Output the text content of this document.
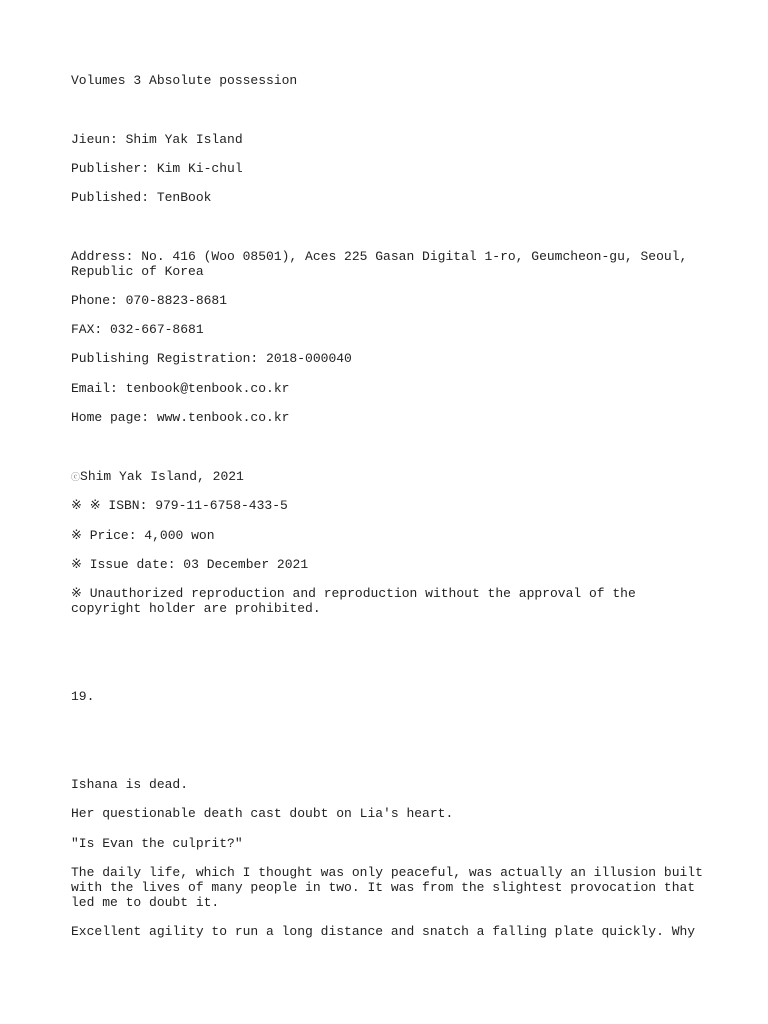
Volumes 3 Absolute possession

Jieun: Shim Yak Island

Publisher: Kim Ki-chul

Published: TenBook

Address: No. 416 (Woo 08501), Aces 225 Gasan Digital 1-ro, Geumcheon-gu, Seoul, Republic of Korea

Phone: 070-8823-8681

FAX: 032-667-8681

Publishing Registration: 2018-000040

Email: tenbook@tenbook.co.kr

Home page: www.tenbook.co.kr

ⓒShim Yak Island, 2021

※ ※ ISBN: 979-11-6758-433-5

※ Price: 4,000 won

※ Issue date: 03 December 2021

※ Unauthorized reproduction and reproduction without the approval of the copyright holder are prohibited.

19.

Ishana is dead.

Her questionable death cast doubt on Lia's heart.

"Is Evan the culprit?"

The daily life, which I thought was only peaceful, was actually an illusion built with the lives of many people in two. It was from the slightest provocation that led me to doubt it.

Excellent agility to run a long distance and snatch a falling plate quickly. Why
